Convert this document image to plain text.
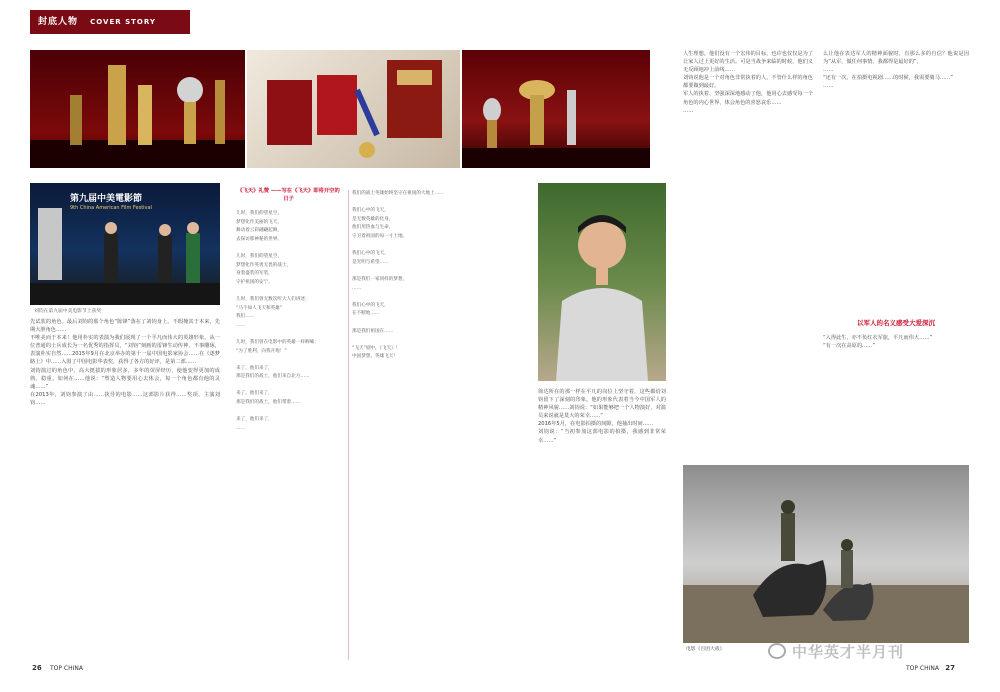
封底人物 COVER STORY
第九届中美電影節
9th China American Film Festival
刘钧在第九届中美电影节上获奖
先试装的角色。最后刘钧的那个角色“陈锋”落在了刘钧身上。不瑕掩其于本来，先期大胆角色……
不唯美而于本来！他用朴实的表演为我们展现了一个平凡而伟大的英雄形象。从一位普通的士兵成长为一名优秀的指挥员，“刘钧”刻画的雷锋生动传神、不事雕琢，表演朴实自然……2015年9月在北京举办的第十一届中国电影家协会……在《逐梦路上》中……入围了中国电影华表奖，获得了各方的好评，是第二部……
刘钧演过的角色中，高大挺拔的形象居多，多年的荧屏经历，使他变得更加的成熟、稳重。如何在……他说：“塑造人物要用心去体会，每一个角色都有他的灵魂……”
在2013年，刘钧参演了由……执导的电影……这部影片获得……奖项，主演刘钧……
《飞天》礼赞 ——写在《飞天》即将开空的日子
儿时，我们仰望星空，
梦想化作美丽的飞天，
舞动着云彩翩翩起舞，
去探访那神秘的世界。

儿时，我们仰望星空，
梦想化作英勇无畏的战士，
身着盛装的军装，
守护祖国的安宁。

儿时，我们曾无数次听大人们讲述：
“马不如人飞天和英雄”
我们……
……

儿时，我们曾在电影中的英雄一样呐喊：
“为了胜利，向我开炮！”

来了，他们来了，
那是我们的战士，他们来自北方……

来了，他们来了，
那是我们的战士，他们带着……

来了，他们来了，
……
我们的战士英雄始终坚守在祖国的大地上……

我们心中的飞天，
是无数英雄的化身，
他们用热血与生命，
守卫着祖国的每一寸土地。

我们心中的飞天，
是光明与希望……

那是我们一家同样的梦想，
……

我们心中的飞天，
在不断地……

那是我们祖国在……

“飞天”剧中，《飞天》！
中国梦想，英雄飞天！
徐达所在的那一样在平凡的岗位上坚守着，这些都给刘钧留下了深刻的印象。他的形象代表着当今中国军人的精神风貌……刘钧说：“如果能够把一个人物演好，对演员来说就是莫大的荣幸……”
2016年5月，在电影拍摄的间隙，他抽出时间……
刘钧说：“当初参加这部电影的拍摄，我感到非常荣幸……”
人生理想。他们没有一个宏伟的目标，也许也仅仅是为了让家人过上更好的生活。可是当战争来临的时候，他们义无反顾地冲上前线……
刘钧说他是一个对角色非常执着的人，不管什么样的角色都要做到最好。
军人的执着、坚强深深地感动了他，他用心去感受每一个角色的内心世界，体会角色的喜怒哀乐……
……
么让他在表达军人的精神面貌时，有那么多的自信？他说是因为“从军，做任何事情，我都得是最好的”。
……
“还有一次，在拍摄电视剧……的时候，我需要骑马……”
……
以军人的名义感受大爱深沉
“入得此生，亦不负红衣军旅，平凡而伟大……”
“有一次在高原的……”
电影《百团大战》	中华英才半月刊
26 TOP CHINA	TOP CHINA 27
